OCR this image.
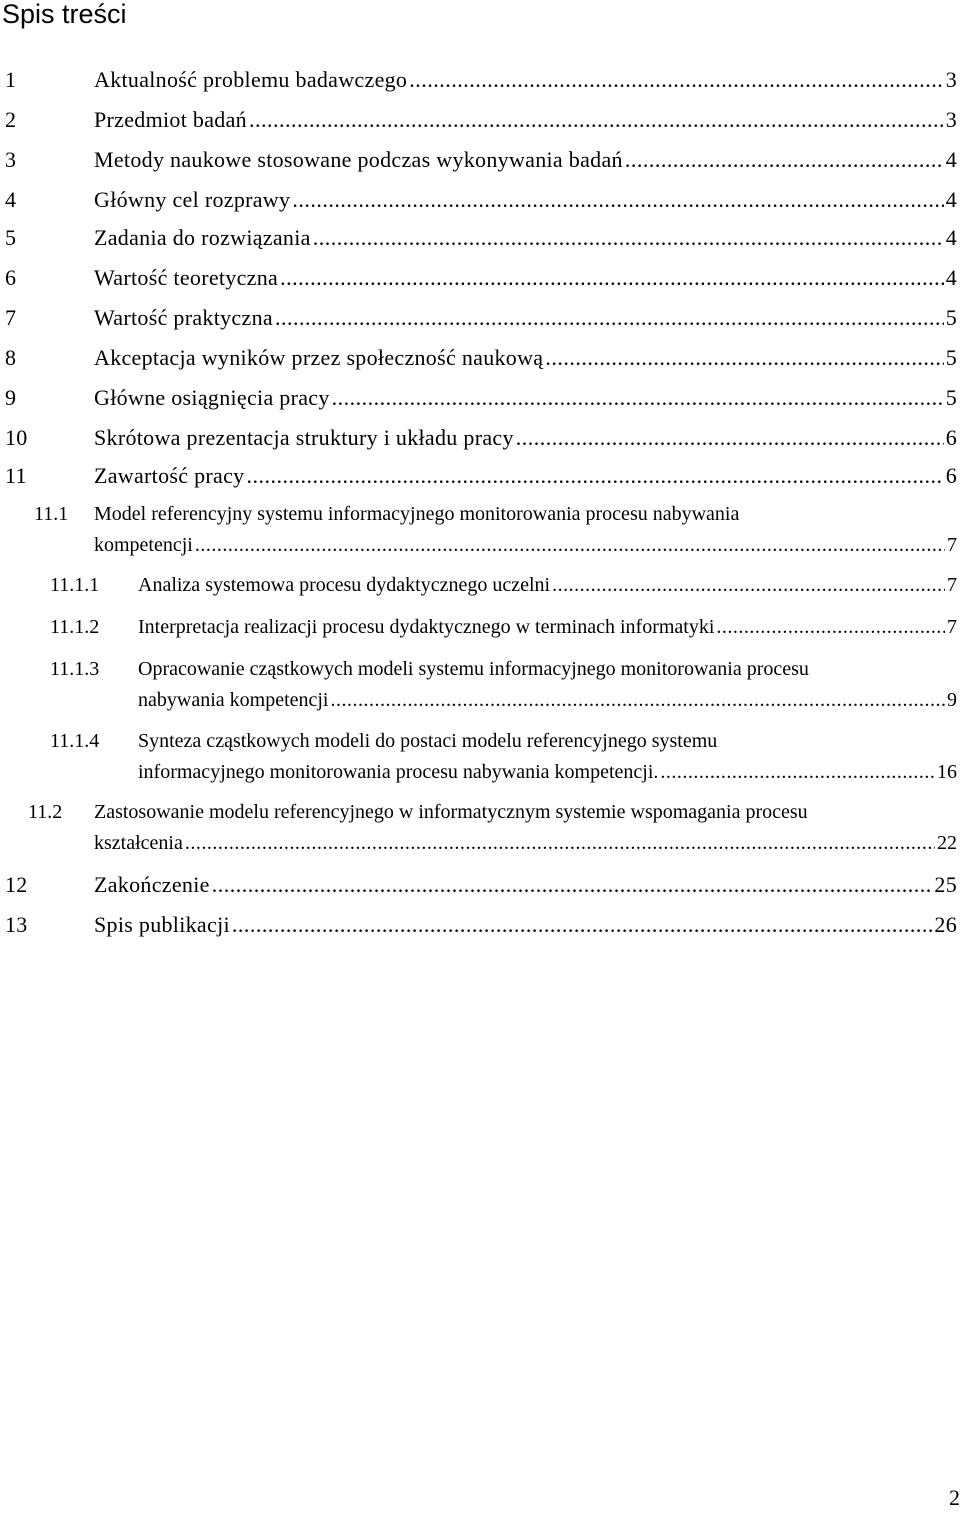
Spis treści
1	Aktualność problemu badawczego .....	3
2	Przedmiot badań .....	3
3	Metody naukowe stosowane podczas wykonywania badań .....	4
4	Główny cel rozprawy .....	4
5	Zadania do rozwiązania .....	4
6	Wartość teoretyczna .....	4
7	Wartość praktyczna .....	5
8	Akceptacja wyników przez społeczność naukową .....	5
9	Główne osiągnięcia pracy .....	5
10	Skrótowa prezentacja struktury i układu pracy .....	6
11	Zawartość pracy .....	6
11.1 Model referencyjny systemu informacyjnego monitorowania procesu nabywania
kompetencji .....	7
11.1.1 Analiza systemowa procesu dydaktycznego uczelni .....	7
11.1.2 Interpretacja realizacji procesu dydaktycznego w terminach informatyki .....	7
11.1.3 Opracowanie cząstkowych modeli systemu informacyjnego monitorowania procesu
nabywania kompetencji .....	9
11.1.4 Synteza cząstkowych modeli do postaci modelu referencyjnego systemu
informacyjnego monitorowania procesu nabywania kompetencji. .....	16
11.2 Zastosowanie modelu referencyjnego w informatycznym systemie wspomagania procesu
kształcenia .....	22
12	Zakończenie .....	25
13	Spis publikacji .....	26
2
